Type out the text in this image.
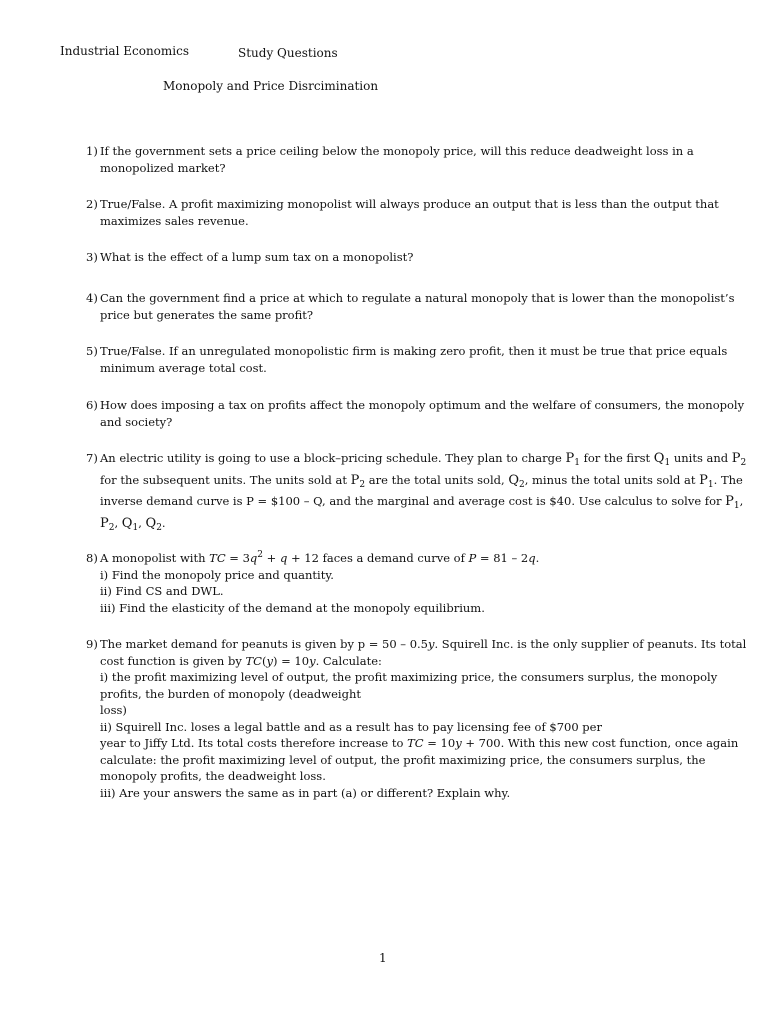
Industrial Economics	Study Questions
Monopoly and Price Disrcimination
1) If the government sets a price ceiling below the monopoly price, will this reduce deadweight loss in a
monopolized market?
2) True/False. A profit maximizing monopolist will always produce an output that is less than the output that
maximizes sales revenue.
3) What is the effect of a lump sum tax on a monopolist?
4) Can the government find a price at which to regulate a natural monopoly that is lower than the monopolist’s
price but generates the same profit?
5) True/False. If an unregulated monopolistic firm is making zero profit, then it must be true that price equals
minimum average total cost.
6) How does imposing a tax on profits affect the monopoly optimum and the welfare of consumers, the monopoly
and society?
7) An electric utility is going to use a block–pricing schedule. They plan to charge $P_1$ for the first $Q_1$ units and $P_2$
for the subsequent units. The units sold at $P_2$ are the total units sold, $Q_2$, minus the total units sold at $P_1$. The
inverse demand curve is P = $100 – Q, and the marginal and average cost is $40. Use calculus to solve for $P_1$,
$P_2$, $Q_1$, $Q_2$.
8) A monopolist with TC = $3q^2 + q + 12$ faces a demand curve of P = 81 – 2q.
i) Find the monopoly price and quantity.
ii) Find CS and DWL.
iii) Find the elasticity of the demand at the monopoly equilibrium.
9) The market demand for peanuts is given by p = 50 – 0.5y. Squirell Inc. is the only supplier of peanuts. Its total
cost function is given by TC(y) = 10y. Calculate:
i) the profit maximizing level of output, the profit maximizing price, the consumers surplus, the monopoly
profits, the burden of monopoly (deadweight
loss)
ii) Squirell Inc. loses a legal battle and as a result has to pay licensing fee of $700 per
year to Jiffy Ltd. Its total costs therefore increase to TC = 10y + 700. With this new cost function, once again
calculate: the profit maximizing level of output, the profit maximizing price, the consumers surplus, the
monopoly profits, the deadweight loss.
iii) Are your answers the same as in part (a) or different? Explain why.
1
